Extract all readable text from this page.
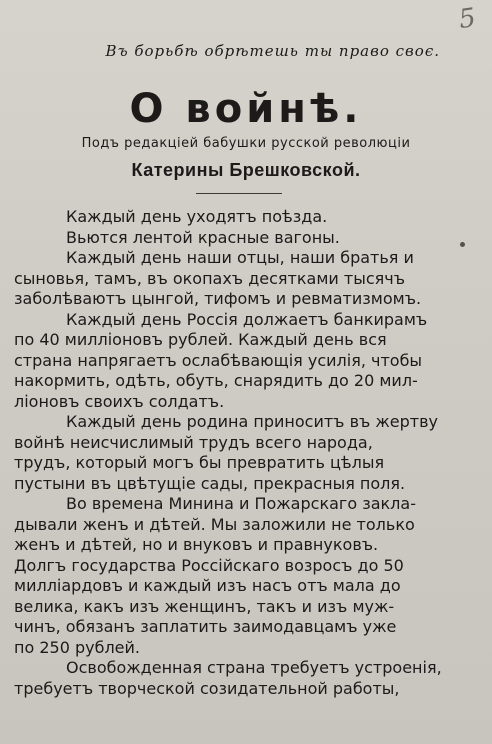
5
Въ борьбѣ обрѣтешь ты право своє.
О войнѣ.
Подъ редакціей бабушки русской революціи
Катерины Брешковской.
Каждый день уходятъ поѣзда.
Вьются лентой красные вагоны.
Каждый день наши отцы, наши братья и
сыновья, тамъ, въ окопахъ десятками тысячъ
заболѣваютъ цынгой, тифомъ и ревматизмомъ.
Каждый день Россія должаетъ банкирамъ
по 40 милліоновъ рублей. Каждый день вся
страна напрягаетъ ослабѣвающія усилія, чтобы
накормить, одѣть, обуть, снарядить до 20 мил-
ліоновъ своихъ солдатъ.
Каждый день родина приноситъ въ жертву
войнѣ неисчислимый трудъ всего народа,
трудъ, который могъ бы превратить цѣлыя
пустыни въ цвѣтущіе сады, прекрасныя поля.
Во времена Минина и Пожарскаго закла-
дывали женъ и дѣтей. Мы заложили не только
женъ и дѣтей, но и внуковъ и правнуковъ.
Долгъ государства Россійскаго возросъ до 50
милліардовъ и каждый изъ насъ отъ мала до
велика, какъ изъ женщинъ, такъ и изъ муж-
чинъ, обязанъ заплатить заимодавцамъ уже
по 250 рублей.
Освобожденная страна требуетъ устроенія,
требуетъ творческой созидательной работы,
